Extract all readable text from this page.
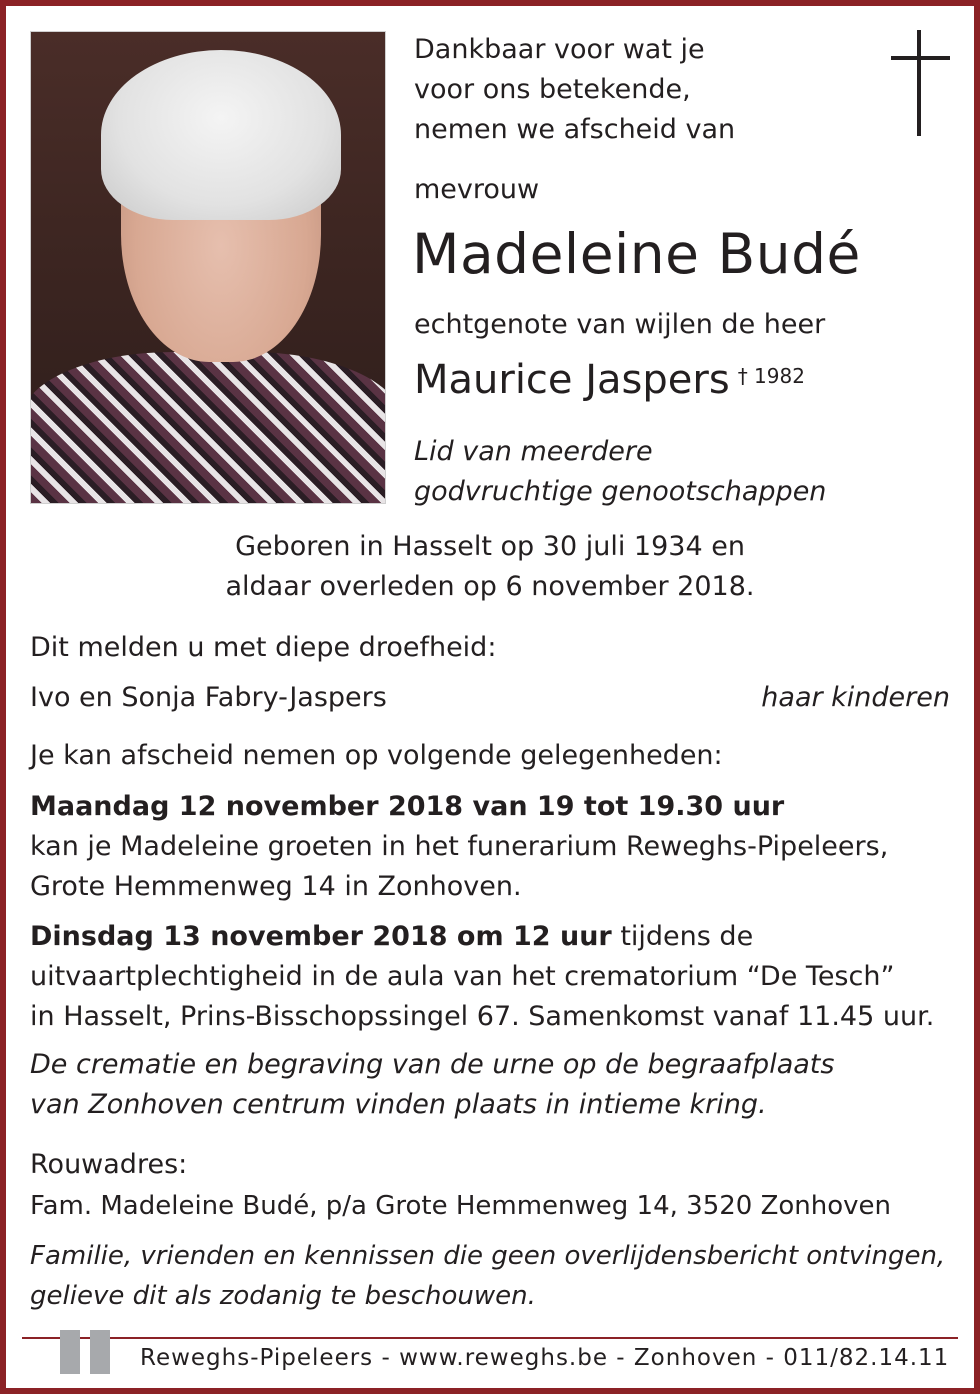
Dankbaar voor wat je
voor ons betekende,
nemen we afscheid van
mevrouw
Madeleine Budé
echtgenote van wijlen de heer
Maurice Jaspers $^{\dagger 1982}$
Lid van meerdere
godvruchtige genootschappen
Geboren in Hasselt op 30 juli 1934 en
aldaar overleden op 6 november 2018.
Dit melden u met diepe droefheid:
Ivo en Sonja Fabry-Jaspers	haar kinderen
Je kan afscheid nemen op volgende gelegenheden:
Maandag 12 november 2018 van 19 tot 19.30 uur
kan je Madeleine groeten in het funerarium Reweghs-Pipeleers,
Grote Hemmenweg 14 in Zonhoven.
Dinsdag 13 november 2018 om 12 uur tijdens de
uitvaartplechtigheid in de aula van het crematorium “De Tesch”
in Hasselt, Prins-Bisschopssingel 67. Samenkomst vanaf 11.45 uur.
De crematie en begraving van de urne op de begraafplaats
van Zonhoven centrum vinden plaats in intieme kring.
Rouwadres:
Fam. Madeleine Budé, p/a Grote Hemmenweg 14, 3520 Zonhoven
Familie, vrienden en kennissen die geen overlijdensbericht ontvingen,
gelieve dit als zodanig te beschouwen.
Reweghs-Pipeleers - www.reweghs.be - Zonhoven - 011/82.14.11
